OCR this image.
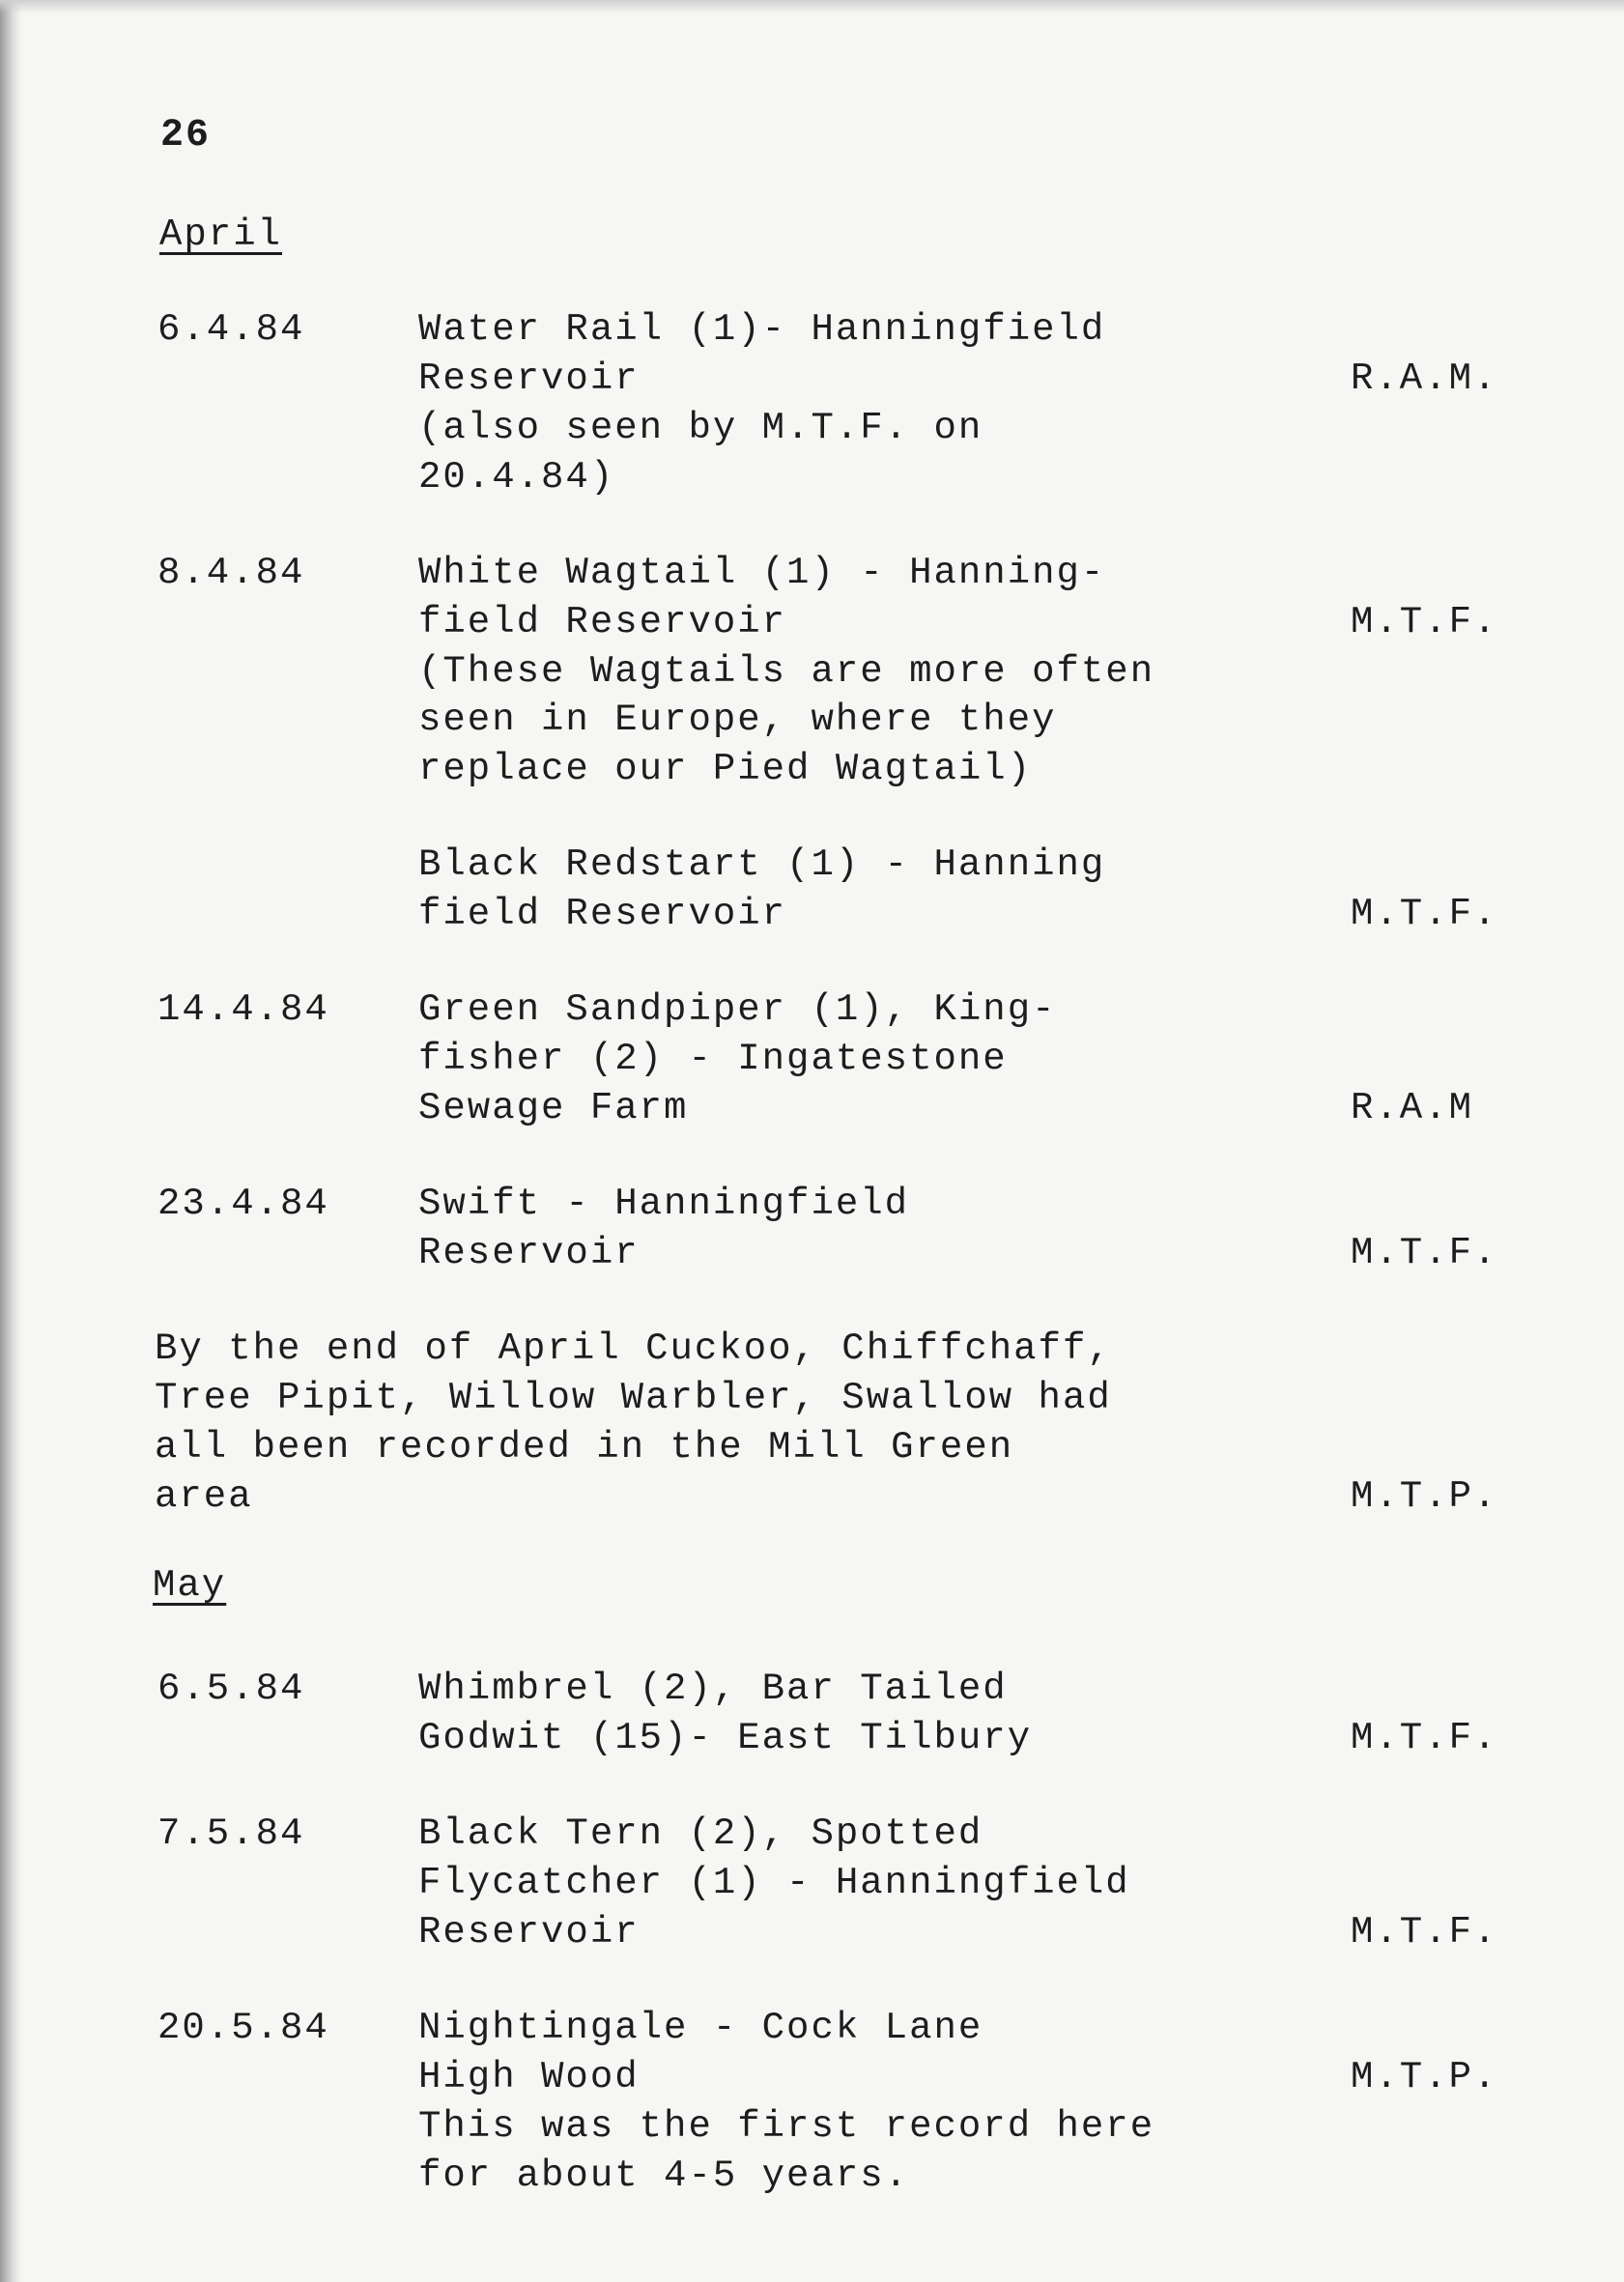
26
April
6.4.84	Water Rail (1)- Hanningfield
Reservoir	R.A.M.
(also seen by M.T.F. on
20.4.84)
8.4.84	White Wagtail (1) - Hanning-
field Reservoir	M.T.F.
(These Wagtails are more often
seen in Europe, where they
replace our Pied Wagtail)
Black Redstart (1) - Hanning
field Reservoir	M.T.F.
14.4.84 Green Sandpiper (1), King-
fisher (2) - Ingatestone
Sewage Farm	R.A.M
23.4.84 Swift - Hanningfield
Reservoir	M.T.F.
By the end of April Cuckoo, Chiffchaff,
Tree Pipit, Willow Warbler, Swallow had
all been recorded in the Mill Green
area	M.T.P.
May
6.5.84	Whimbrel (2), Bar Tailed
Godwit (15)- East Tilbury	M.T.F.
7.5.84	Black Tern (2), Spotted
Flycatcher (1) - Hanningfield
Reservoir	M.T.F.
20.5.84 Nightingale - Cock Lane
High Wood	M.T.P.
This was the first record here
for about 4-5 years.
